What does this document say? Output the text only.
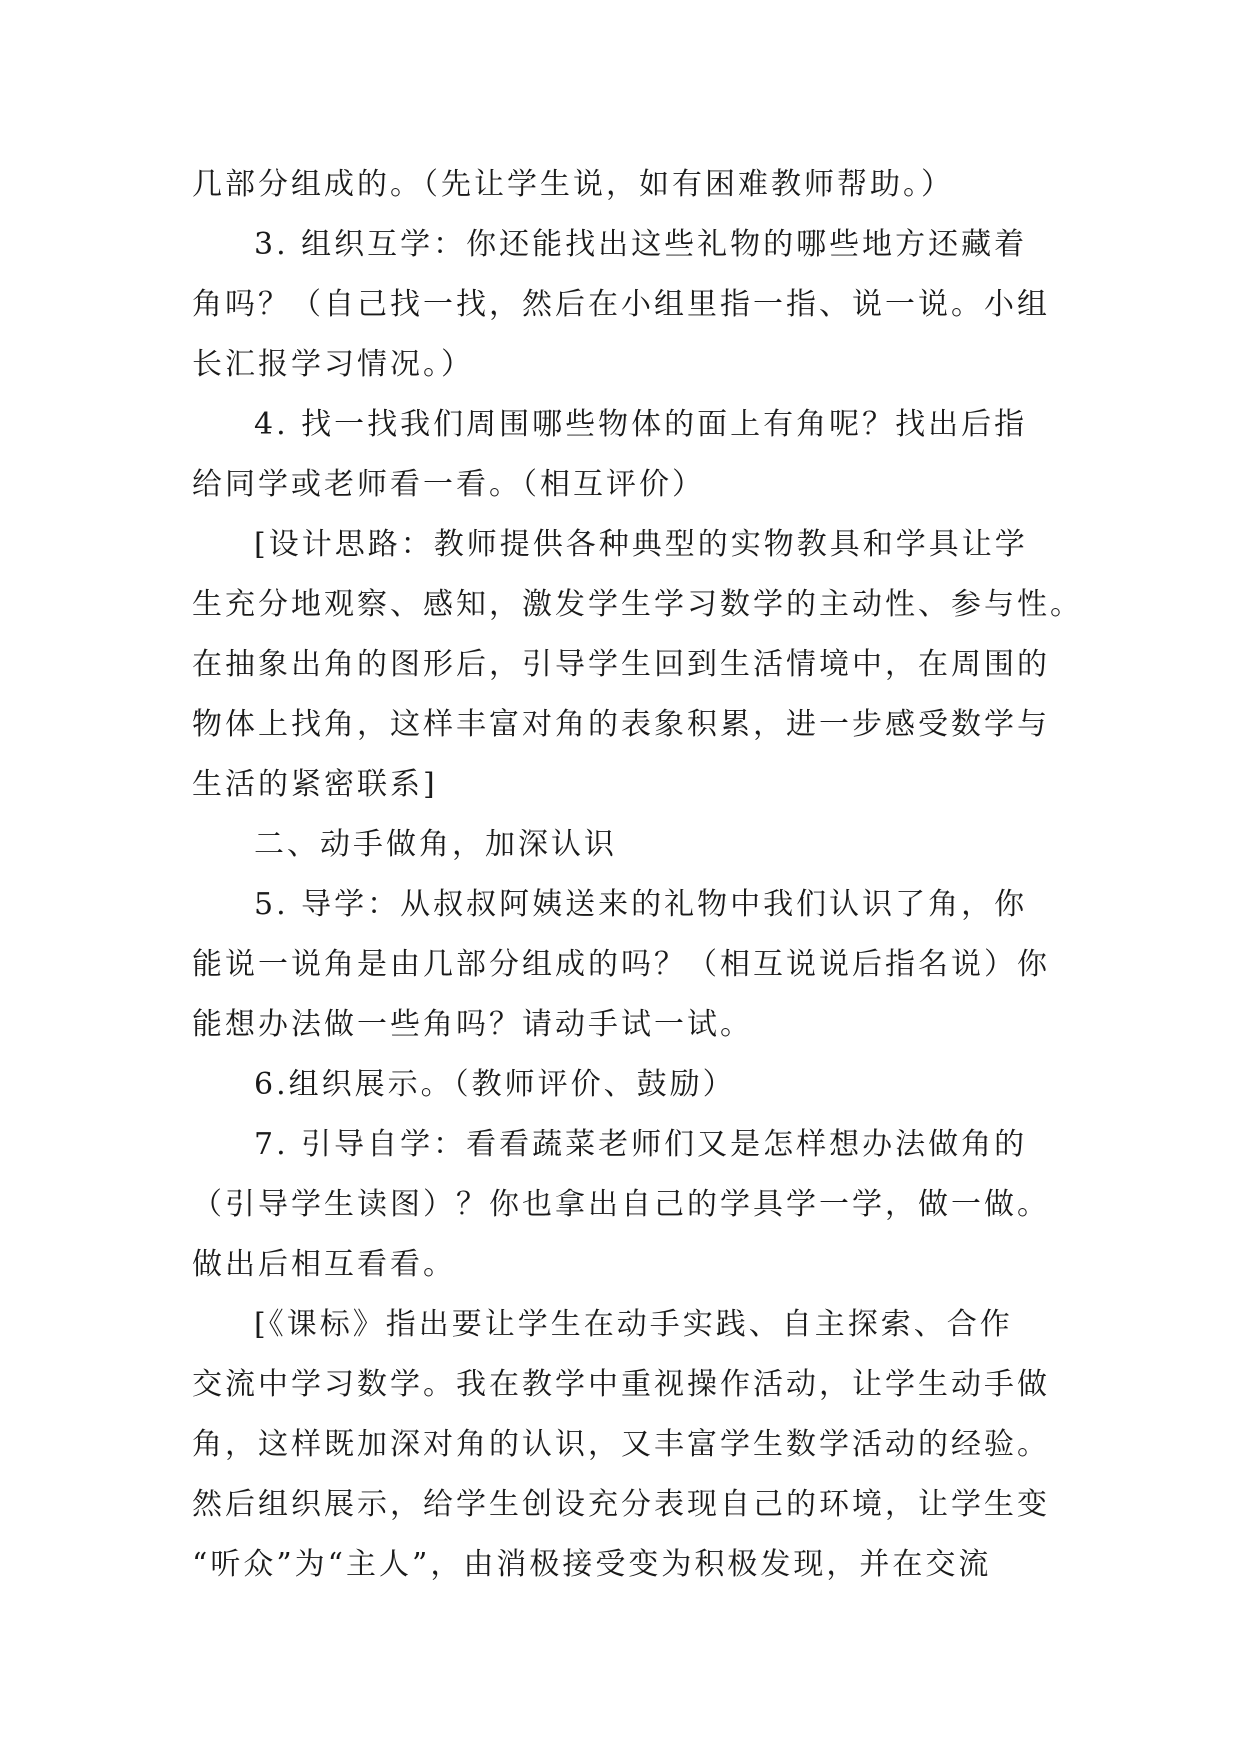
几部分组成的。（先让学生说，如有困难教师帮助。）

3. 组织互学：你还能找出这些礼物的哪些地方还藏着

角吗？（自己找一找，然后在小组里指一指、说一说。小组

长汇报学习情况。）

4. 找一找我们周围哪些物体的面上有角呢？找出后指

给同学或老师看一看。（相互评价）

[设计思路：教师提供各种典型的实物教具和学具让学

生充分地观察、感知，激发学生学习数学的主动性、参与性。

在抽象出角的图形后，引导学生回到生活情境中，在周围的

物体上找角，这样丰富对角的表象积累，进一步感受数学与

生活的紧密联系]

二、动手做角，加深认识

5. 导学：从叔叔阿姨送来的礼物中我们认识了角，你

能说一说角是由几部分组成的吗？（相互说说后指名说）你

能想办法做一些角吗？请动手试一试。

6.组织展示。（教师评价、鼓励）

7. 引导自学：看看蔬菜老师们又是怎样想办法做角的

（引导学生读图）？你也拿出自己的学具学一学，做一做。

做出后相互看看。

[《课标》指出要让学生在动手实践、自主探索、合作

交流中学习数学。我在教学中重视操作活动，让学生动手做

角，这样既加深对角的认识，又丰富学生数学活动的经验。

然后组织展示，给学生创设充分表现自己的环境，让学生变

“听众”为“主人”，由消极接受变为积极发现，并在交流
